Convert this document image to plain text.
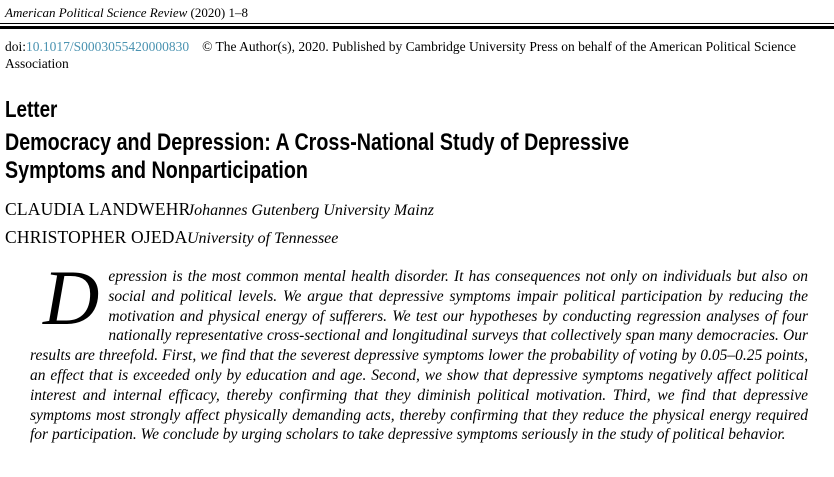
American Political Science Review (2020) 1–8

doi:10.1017/S0003055420000830 © The Author(s), 2020. Published by Cambridge University Press on behalf of the American Political Science Association

Letter
Democracy and Depression: A Cross-National Study of Depressive Symptoms and Nonparticipation
CLAUDIA LANDWEHR
Johannes Gutenberg University Mainz
CHRISTOPHER OJEDA University of Tennessee

Depression is the most common mental health disorder. It has consequences not only on individuals but also on social and political levels. We argue that depressive symptoms impair political participation by reducing the motivation and physical energy of sufferers. We test our hypotheses by conducting regression analyses of four nationally representative cross-sectional and longitudinal surveys that collectively span many democracies. Our results are threefold. First, we find that the severest depressive symptoms lower the probability of voting by 0.05–0.25 points, an effect that is exceeded only by education and age. Second, we show that depressive symptoms negatively affect political interest and internal efficacy, thereby confirming that they diminish political motivation. Third, we find that depressive symptoms most strongly affect physically demanding acts, thereby confirming that they reduce the physical energy required for participation. We conclude by urging scholars to take depressive symptoms seriously in the study of political behavior.
